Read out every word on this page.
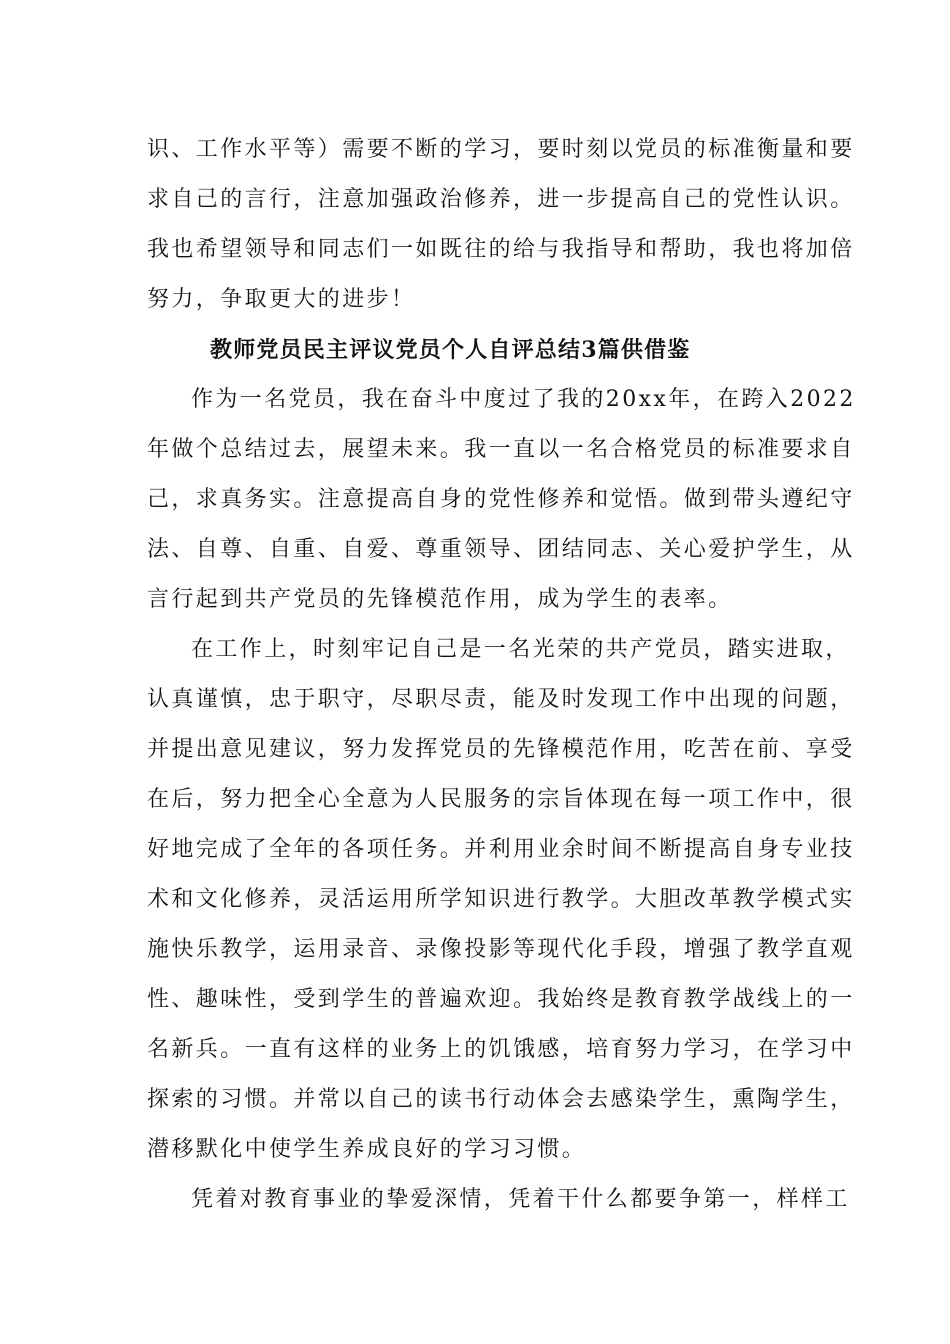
识、工作水平等）需要不断的学习，要时刻以党员的标准衡量和要
求自己的言行，注意加强政治修养，进一步提高自己的党性认识。
我也希望领导和同志们一如既往的给与我指导和帮助，我也将加倍
努力，争取更大的进步！
教师党员民主评议党员个人自评总结3篇供借鉴
作为一名党员，我在奋斗中度过了我的20xx年，在跨入2022
年做个总结过去，展望未来。我一直以一名合格党员的标准要求自
己，求真务实。注意提高自身的党性修养和觉悟。做到带头遵纪守
法、自尊、自重、自爱、尊重领导、团结同志、关心爱护学生，从
言行起到共产党员的先锋模范作用，成为学生的表率。
在工作上，时刻牢记自己是一名光荣的共产党员，踏实进取，
认真谨慎，忠于职守，尽职尽责，能及时发现工作中出现的问题，
并提出意见建议，努力发挥党员的先锋模范作用，吃苦在前、享受
在后，努力把全心全意为人民服务的宗旨体现在每一项工作中，很
好地完成了全年的各项任务。并利用业余时间不断提高自身专业技
术和文化修养，灵活运用所学知识进行教学。大胆改革教学模式实
施快乐教学，运用录音、录像投影等现代化手段，增强了教学直观
性、趣味性，受到学生的普遍欢迎。我始终是教育教学战线上的一
名新兵。一直有这样的业务上的饥饿感，培育努力学习，在学习中
探索的习惯。并常以自己的读书行动体会去感染学生，熏陶学生，
潜移默化中使学生养成良好的学习习惯。
凭着对教育事业的挚爱深情，凭着干什么都要争第一，样样工
